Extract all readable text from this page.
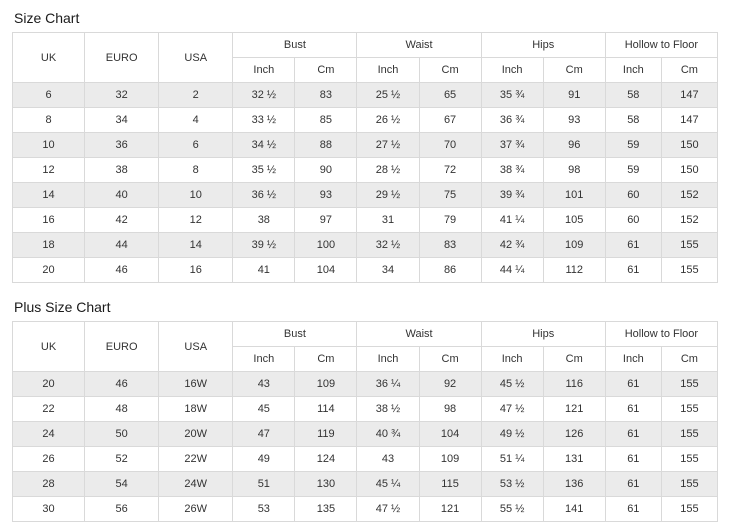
Size Chart
UK	EURO	USA	Bust		Waist		Hips		Hollow to Floor	
			Inch	Cm	Inch	Cm	Inch	Cm	Inch	Cm
6	32	2	32 ½	83	25 ½	65	35 ¾	91	58	147
8	34	4	33 ½	85	26 ½	67	36 ¾	93	58	147
10	36	6	34 ½	88	27 ½	70	37 ¾	96	59	150
12	38	8	35 ½	90	28 ½	72	38 ¾	98	59	150
14	40	10	36 ½	93	29 ½	75	39 ¾	101	60	152
16	42	12	38	97	31	79	41 ¼	105	60	152
18	44	14	39 ½	100	32 ½	83	42 ¾	109	61	155
20	46	16	41	104	34	86	44 ¼	112	61	155
Plus Size Chart
UK	EURO	USA	Bust		Waist		Hips		Hollow to Floor	
			Inch	Cm	Inch	Cm	Inch	Cm	Inch	Cm
20	46	16W	43	109	36 ¼	92	45 ½	116	61	155
22	48	18W	45	114	38 ½	98	47 ½	121	61	155
24	50	20W	47	119	40 ¾	104	49 ½	126	61	155
26	52	22W	49	124	43	109	51 ¼	131	61	155
28	54	24W	51	130	45 ¼	115	53 ½	136	61	155
30	56	26W	53	135	47 ½	121	55 ½	141	61	155
